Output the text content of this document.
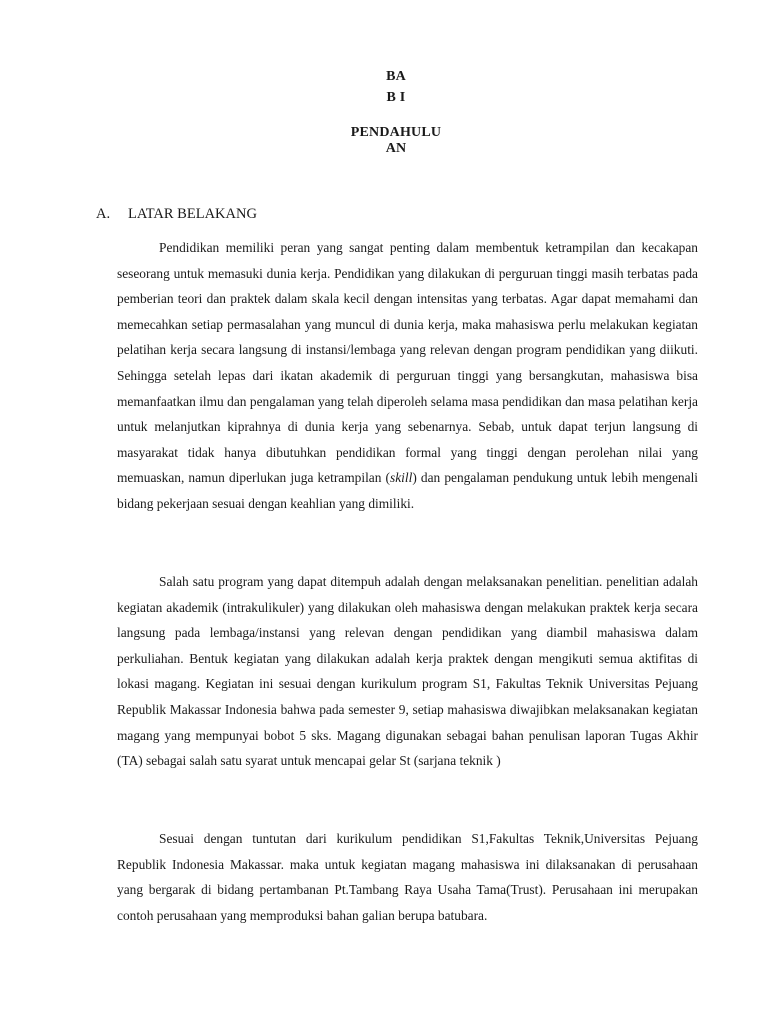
BA
B I
PENDAHULU
AN
A. LATAR BELAKANG

Pendidikan memiliki peran yang sangat penting dalam membentuk ketrampilan dan kecakapan seseorang untuk memasuki dunia kerja. Pendidikan yang dilakukan di perguruan tinggi masih terbatas pada pemberian teori dan praktek dalam skala kecil dengan intensitas yang terbatas. Agar dapat memahami dan memecahkan setiap permasalahan yang muncul di dunia kerja, maka mahasiswa perlu melakukan kegiatan pelatihan kerja secara langsung di instansi/lembaga yang relevan dengan program pendidikan yang diikuti. Sehingga setelah lepas dari ikatan akademik di perguruan tinggi yang bersangkutan, mahasiswa bisa memanfaatkan ilmu dan pengalaman yang telah diperoleh selama masa pendidikan dan masa pelatihan kerja untuk melanjutkan kiprahnya di dunia kerja yang sebenarnya. Sebab, untuk dapat terjun langsung di masyarakat tidak hanya dibutuhkan pendidikan formal yang tinggi dengan perolehan nilai yang memuaskan, namun diperlukan juga ketrampilan (skill) dan pengalaman pendukung untuk lebih mengenali bidang pekerjaan sesuai dengan keahlian yang dimiliki.

Salah satu program yang dapat ditempuh adalah dengan melaksanakan penelitian. penelitian adalah kegiatan akademik (intrakulikuler) yang dilakukan oleh mahasiswa dengan melakukan praktek kerja secara langsung pada lembaga/instansi yang relevan dengan pendidikan yang diambil mahasiswa dalam perkuliahan. Bentuk kegiatan yang dilakukan adalah kerja praktek dengan mengikuti semua aktifitas di lokasi magang. Kegiatan ini sesuai dengan kurikulum program S1, Fakultas Teknik Universitas Pejuang Republik Makassar Indonesia bahwa pada semester 9, setiap mahasiswa diwajibkan melaksanakan kegiatan magang yang mempunyai bobot 5 sks. Magang digunakan sebagai bahan penulisan laporan Tugas Akhir (TA) sebagai salah satu syarat untuk mencapai gelar St (sarjana teknik )

Sesuai dengan tuntutan dari kurikulum pendidikan S1,Fakultas Teknik,Universitas Pejuang Republik Indonesia Makassar. maka untuk kegiatan magang mahasiswa ini dilaksanakan di perusahaan yang bergarak di bidang pertambanan Pt.Tambang Raya Usaha Tama(Trust). Perusahaan ini merupakan contoh perusahaan yang memproduksi bahan galian berupa batubara.
